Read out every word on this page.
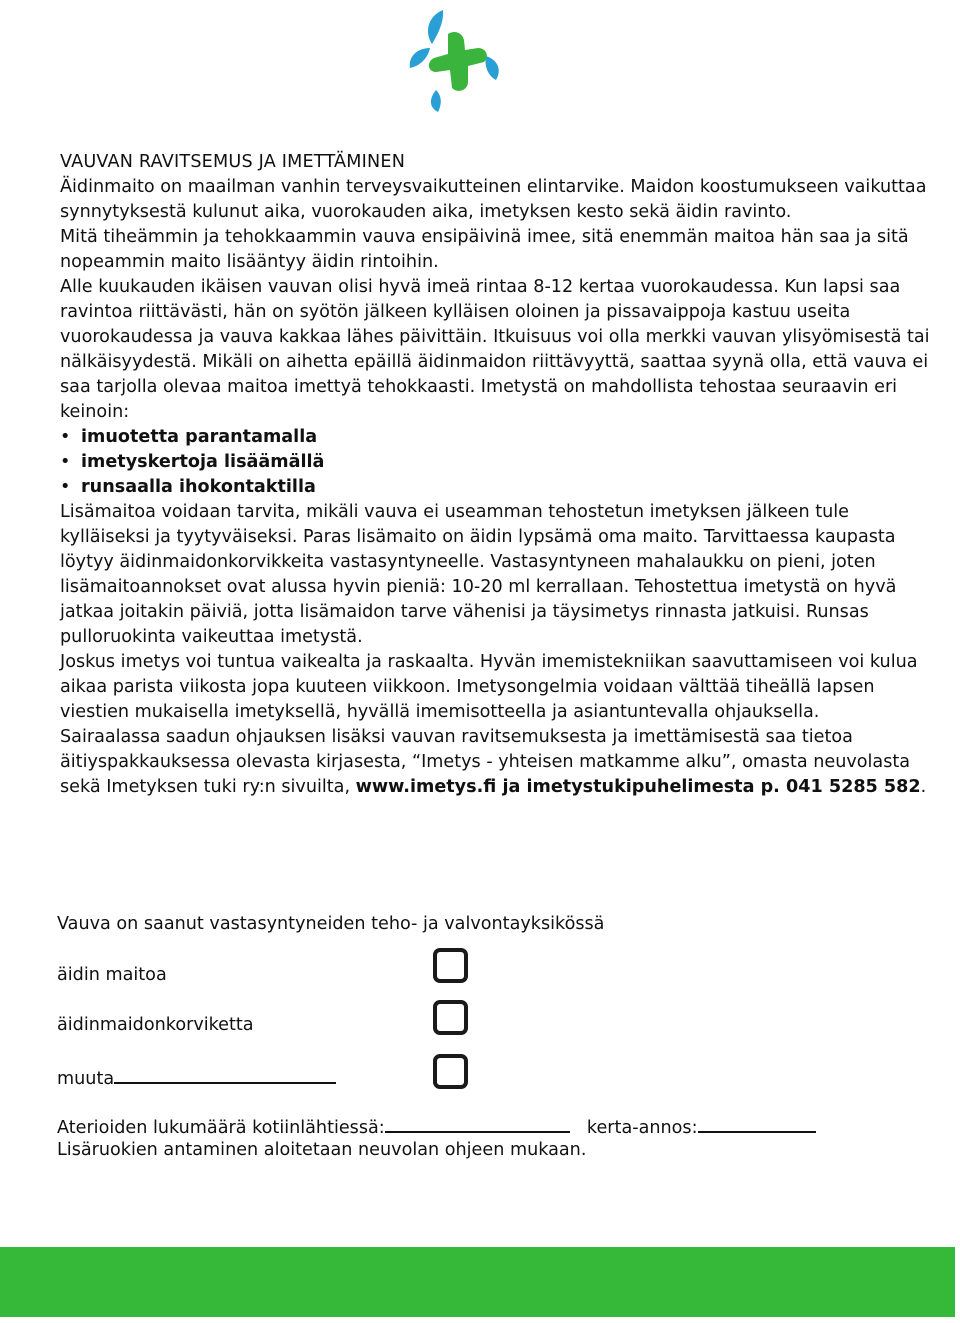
VAUVAN RAVITSEMUS JA IMETTÄMINEN

Äidinmaito on maailman vanhin terveysvaikutteinen elintarvike. Maidon koostumukseen vaikuttaa synnytyksestä kulunut aika, vuorokauden aika, imetyksen kesto sekä äidin ravinto.

Mitä tiheämmin ja tehokkaammin vauva ensipäivinä imee, sitä enemmän maitoa hän saa ja sitä nopeammin maito lisääntyy äidin rintoihin.

Alle kuukauden ikäisen vauvan olisi hyvä imeä rintaa 8-12 kertaa vuorokaudessa. Kun lapsi saa ravintoa riittävästi, hän on syötön jälkeen kylläisen oloinen ja pissavaippoja kastuu useita vuorokaudessa ja vauva kakkaa lähes päivittäin. Itkuisuus voi olla merkki vauvan ylisyömisestä tai nälkäisyydestä. Mikäli on aihetta epäillä äidinmaidon riittävyyttä, saattaa syynä olla, että vauva ei saa tarjolla olevaa maitoa imettyä tehokkaasti. Imetystä on mahdollista tehostaa seuraavin eri keinoin:

• imuotetta parantamalla
• imetyskertoja lisäämällä
• runsaalla ihokontaktilla

Lisämaitoa voidaan tarvita, mikäli vauva ei useamman tehostetun imetyksen jälkeen tule kylläiseksi ja tyytyväiseksi. Paras lisämaito on äidin lypsämä oma maito. Tarvittaessa kaupasta löytyy äidinmaidonkorvikkeita vastasyntyneelle. Vastasyntyneen mahalaukku on pieni, joten lisämaitoannokset ovat alussa hyvin pieniä: 10-20 ml kerrallaan. Tehostettua imetystä on hyvä jatkaa joitakin päiviä, jotta lisämaidon tarve vähenisi ja täysimetys rinnasta jatkuisi. Runsas pulloruokinta vaikeuttaa imetystä.

Joskus imetys voi tuntua vaikealta ja raskaalta. Hyvän imemistekniikan saavuttamiseen voi kulua aikaa parista viikosta jopa kuuteen viikkoon. Imetysongelmia voidaan välttää tiheällä lapsen viestien mukaisella imetyksellä, hyvällä imemisotteella ja asiantuntevalla ohjauksella.

Sairaalassa saadun ohjauksen lisäksi vauvan ravitsemuksesta ja imettämisestä saa tietoa äitiyspakkauksessa olevasta kirjasesta, “Imetys - yhteisen matkamme alku”, omasta neuvolasta sekä Imetyksen tuki ry:n sivuilta, www.imetys.fi ja imetystukipuhelimesta p. 041 5285 582.

Vauva on saanut vastasyntyneiden teho- ja valvontayksikössä
äidin maitoa
äidinmaidonkorviketta
muuta
Aterioiden lukumäärä kotiinlähtiessä:	kerta-annos:
Lisäruokien antaminen aloitetaan neuvolan ohjeen mukaan.
